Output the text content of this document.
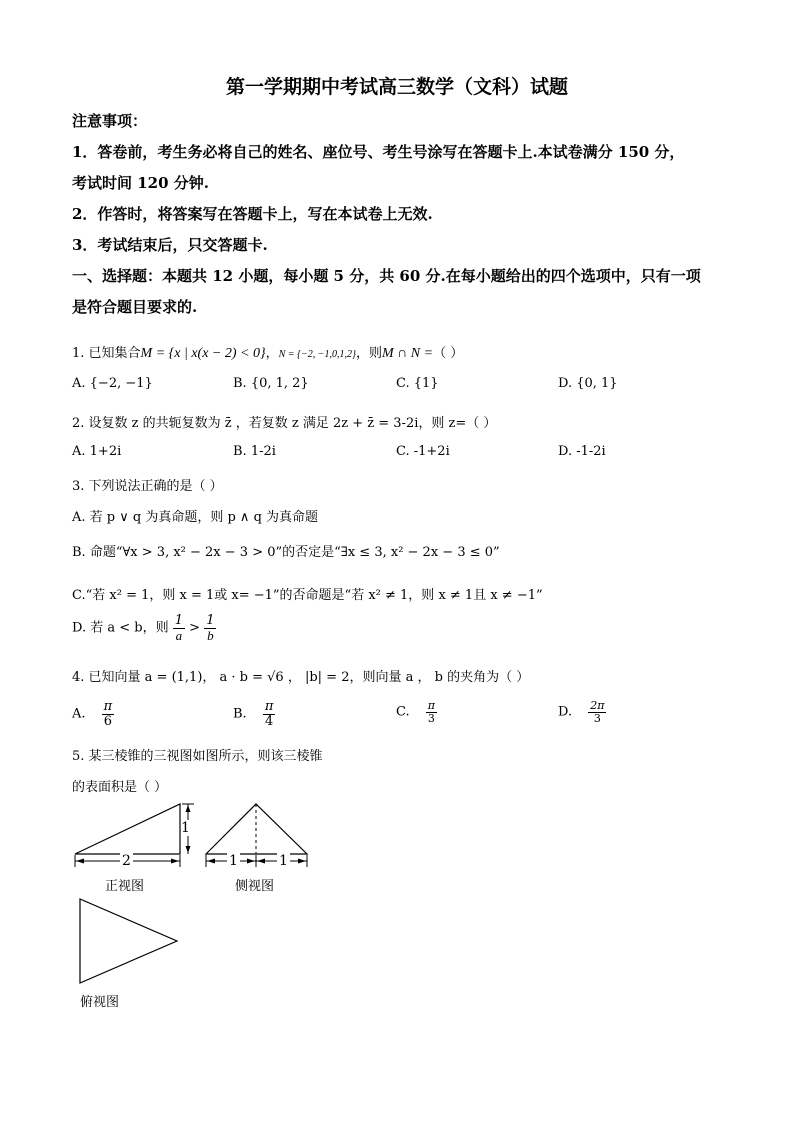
第一学期期中考试高三数学（文科）试题
注意事项：
1．答卷前，考生务必将自己的姓名、座位号、考生号涂写在答题卡上.本试卷满分 150 分，
考试时间 120 分钟.
2．作答时，将答案写在答题卡上，写在本试卷上无效.
3．考试结束后，只交答题卡.
一、选择题：本题共 12 小题，每小题 5 分，共 60 分.在每小题给出的四个选项中，只有一项
是符合题目要求的.
1. 已知集合M = {x | x(x − 2) < 0}，N = {−2, −1,0,1,2}，则M ∩ N =（ ）
A. {−2, −1}	B. {0, 1, 2}	C. {1}	D. {0, 1}
2. 设复数 z 的共轭复数为 z̄ ，若复数 z 满足 2z + z̄ = 3-2i，则 z=（ ）
A. 1+2i	B. 1-2i	C. -1+2i	D. -1-2i
3. 下列说法正确的是（ ）
A. 若 p ∨ q 为真命题，则 p ∧ q 为真命题
B. 命题“∀x > 3, x² − 2x − 3 > 0”的否定是“∃x ≤ 3, x² − 2x − 3 ≤ 0”
C.“若 x² = 1，则 x = 1或 x= −1”的否命题是“若 x² ≠ 1，则 x ≠ 1且 x ≠ −1”
D. 若 a < b，则 $\frac{1}{a} > \frac{1}{b}$
4. 已知向量 a = (1,1)， a · b = √6 ， |b| = 2，则向量 a ， b 的夹角为（ ）
A. $\frac{\pi}{6}$	B. $\frac{\pi}{4}$	C. $\frac{\pi}{3}$	D. $\frac{2\pi}{3}$
5. 某三棱锥的三视图如图所示，则该三棱锥
的表面积是（ ）
2
1
正视图
1	1
侧视图
俯视图
